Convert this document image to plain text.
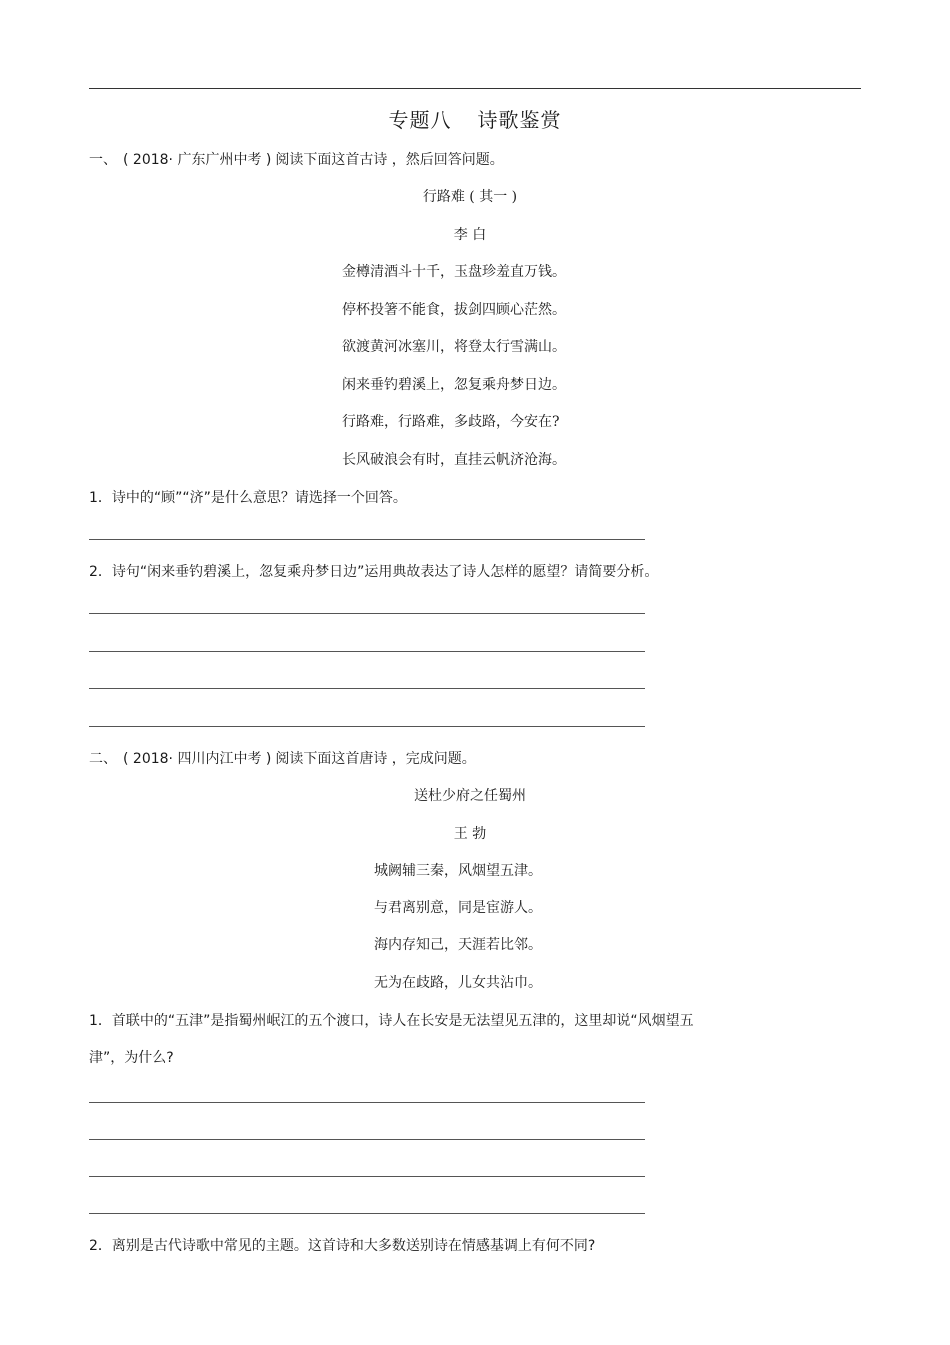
专题八 诗歌鉴赏
一、 ( 2018· 广东广州中考 ) 阅读下面这首古诗 ，然后回答问题。
行路难 ( 其一 )
李 白
金樽清酒斗十千，玉盘珍羞直万钱。
停杯投箸不能食，拔剑四顾心茫然。
欲渡黄河冰塞川，将登太行雪满山。
闲来垂钓碧溪上，忽复乘舟梦日边。
行路难，行路难，多歧路，今安在?
长风破浪会有时，直挂云帆济沧海。
1．诗中的“顾”“济”是什么意思？请选择一个回答。
2．诗句“闲来垂钓碧溪上，忽复乘舟梦日边”运用典故表达了诗人怎样的愿望？请简要分析。
二、 ( 2018· 四川内江中考 ) 阅读下面这首唐诗 ，完成问题。
送杜少府之任蜀州
王 勃
城阙辅三秦，风烟望五津。
与君离别意，同是宦游人。
海内存知己，天涯若比邻。
无为在歧路，儿女共沾巾。
1．首联中的“五津”是指蜀州岷江的五个渡口，诗人在长安是无法望见五津的，这里却说“风烟望五
津”，为什么?
2．离别是古代诗歌中常见的主题。这首诗和大多数送别诗在情感基调上有何不同?
